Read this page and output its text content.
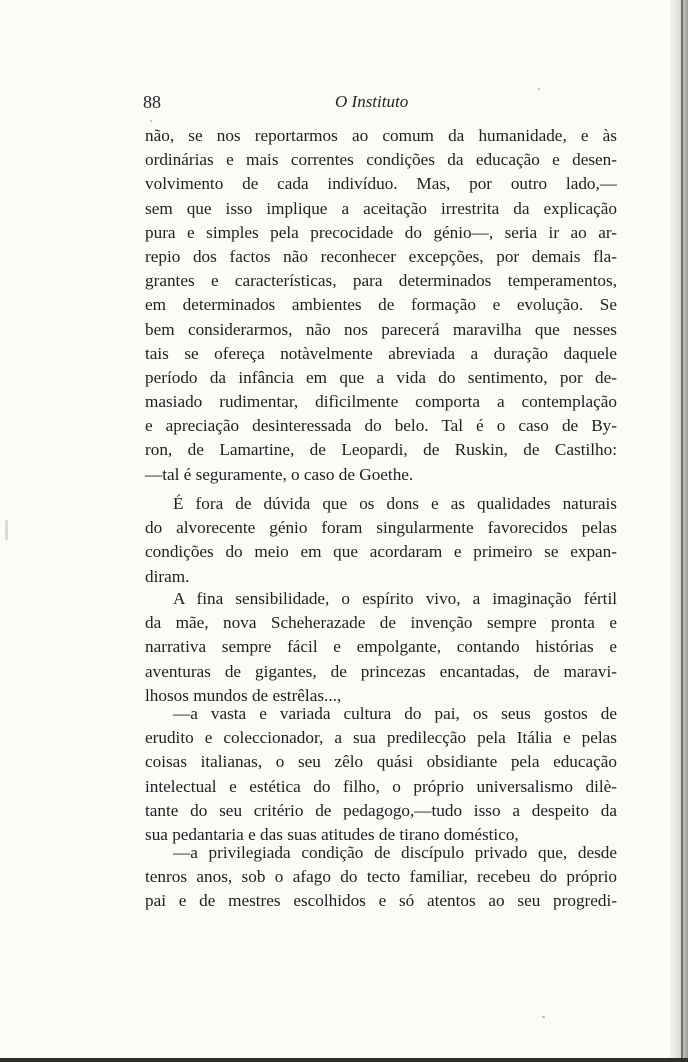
88	O Instituto
não, se nos reportarmos ao comum da humanidade, e às
ordinárias e mais correntes condições da educação e desen-
volvimento de cada indivíduo. Mas, por outro lado,—
sem que isso implique a aceitação irrestrita da explicação
pura e simples pela precocidade do génio—, seria ir ao ar-
repio dos factos não reconhecer excepções, por demais fla-
grantes e características, para determinados temperamentos,
em determinados ambientes de formação e evolução. Se
bem considerarmos, não nos parecerá maravilha que nesses
tais se ofereça notàvelmente abreviada a duração daquele
período da infância em que a vida do sentimento, por de-
masiado rudimentar, difìcilmente comporta a contemplação
e apreciação desinteressada do belo. Tal é o caso de By-
ron, de Lamartine, de Leopardi, de Ruskin, de Castilho:
—tal é seguramente, o caso de Goethe.
É fora de dúvida que os dons e as qualidades naturais
do alvorecente génio foram singularmente favorecidos pelas
condições do meio em que acordaram e primeiro se expan-
diram.
A fina sensibilidade, o espírito vivo, a imaginação fértil
da mãe, nova Scheherazade de invenção sempre pronta e
narrativa sempre fácil e empolgante, contando histórias e
aventuras de gigantes, de princezas encantadas, de maravi-
lhosos mundos de estrêlas...,
—a vasta e variada cultura do pai, os seus gostos de
erudito e coleccionador, a sua predilecção pela Itália e pelas
coisas italianas, o seu zêlo quási obsidiante pela educação
intelectual e estética do filho, o próprio universalismo dilè-
tante do seu critério de pedagogo,—tudo isso a despeito da
sua pedantaria e das suas atitudes de tirano doméstico,
—a privilegiada condição de discípulo privado que, desde
tenros anos, sob o afago do tecto familiar, recebeu do próprio
pai e de mestres escolhidos e só atentos ao seu progredi-
